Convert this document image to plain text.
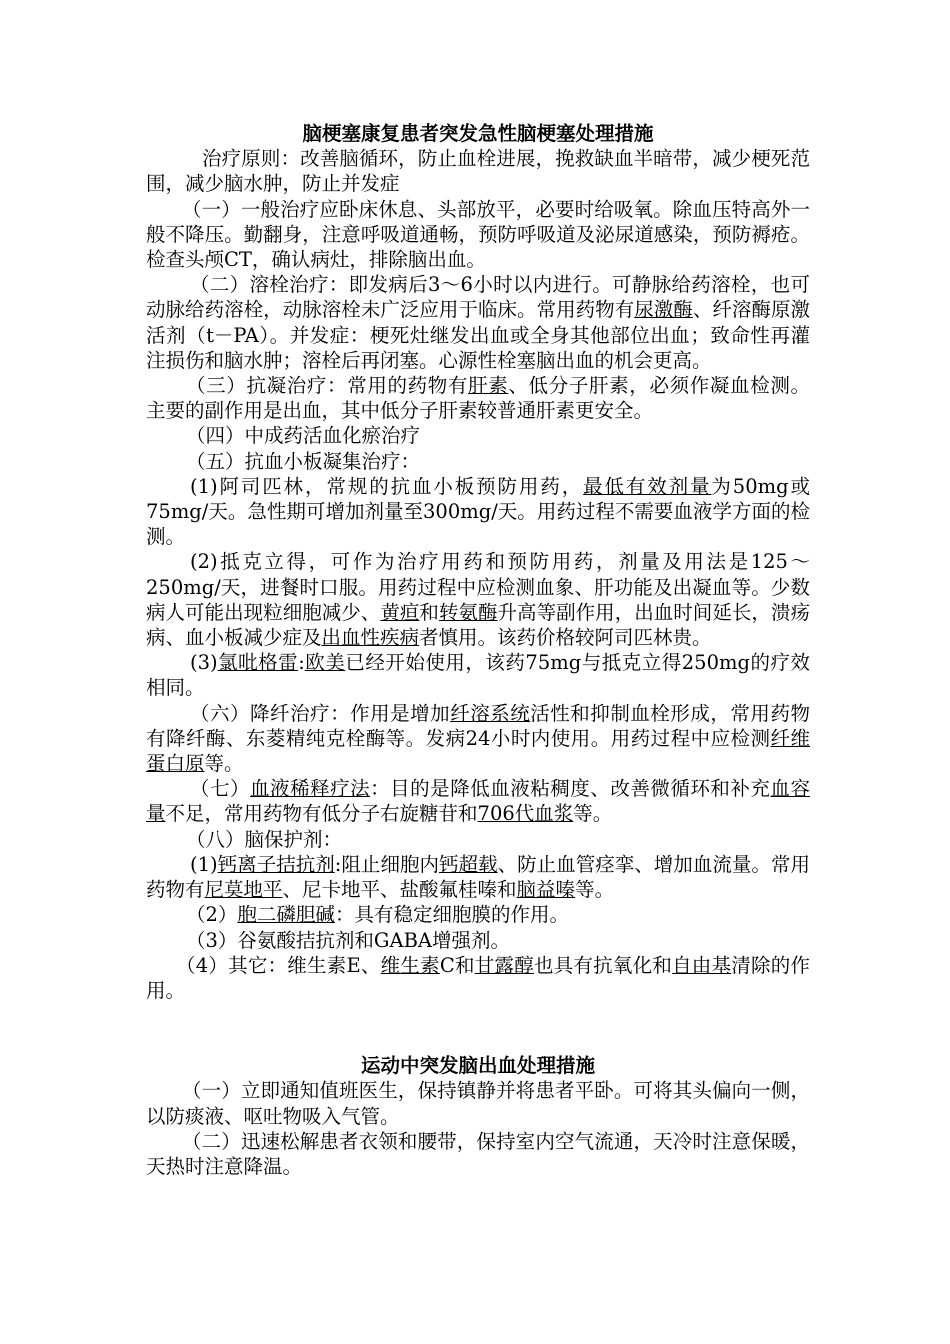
脑梗塞康复患者突发急性脑梗塞处理措施

治疗原则：改善脑循环，防止血栓进展，挽救缺血半暗带，减少梗死范围，减少脑水肿，防止并发症

（一）一般治疗应卧床休息、头部放平，必要时给吸氧。除血压特高外一般不降压。勤翻身，注意呼吸道通畅，预防呼吸道及泌尿道感染，预防褥疮。检查头颅CT，确认病灶，排除脑出血。

（二）溶栓治疗：即发病后3～6小时以内进行。可静脉给药溶栓，也可动脉给药溶栓，动脉溶栓未广泛应用于临床。常用药物有尿激酶、纤溶酶原激活剂（t－PA）。并发症：梗死灶继发出血或全身其他部位出血；致命性再灌注损伤和脑水肿；溶栓后再闭塞。心源性栓塞脑出血的机会更高。

（三）抗凝治疗：常用的药物有肝素、低分子肝素，必须作凝血检测。主要的副作用是出血，其中低分子肝素较普通肝素更安全。

（四）中成药活血化瘀治疗

（五）抗血小板凝集治疗：

(1)阿司匹林，常规的抗血小板预防用药，最低有效剂量为50mg或75mg/天。急性期可增加剂量至300mg/天。用药过程不需要血液学方面的检测。

(2)抵克立得，可作为治疗用药和预防用药，剂量及用法是125～250mg/天，进餐时口服。用药过程中应检测血象、肝功能及出凝血等。少数病人可能出现粒细胞减少、黄疸和转氨酶升高等副作用，出血时间延长，溃疡病、血小板减少症及出血性疾病者慎用。该药价格较阿司匹林贵。

(3)氯吡格雷:欧美已经开始使用，该药75mg与抵克立得250mg的疗效相同。

（六）降纤治疗：作用是增加纤溶系统活性和抑制血栓形成，常用药物有降纤酶、东菱精纯克栓酶等。发病24小时内使用。用药过程中应检测纤维蛋白原等。

（七）血液稀释疗法：目的是降低血液粘稠度、改善微循环和补充血容量不足，常用药物有低分子右旋糖苷和706代血浆等。

（八）脑保护剂：

(1)钙离子拮抗剂:阻止细胞内钙超载、防止血管痉挛、增加血流量。常用药物有尼莫地平、尼卡地平、盐酸氟桂嗪和脑益嗪等。

（2）胞二磷胆碱：具有稳定细胞膜的作用。

（3）谷氨酸拮抗剂和GABA增强剂。

（4）其它：维生素E、维生素C和甘露醇也具有抗氧化和自由基清除的作用。

运动中突发脑出血处理措施

（一）立即通知值班医生，保持镇静并将患者平卧。可将其头偏向一侧，以防痰液、呕吐物吸入气管。

（二）迅速松解患者衣领和腰带，保持室内空气流通，天冷时注意保暖，天热时注意降温。
